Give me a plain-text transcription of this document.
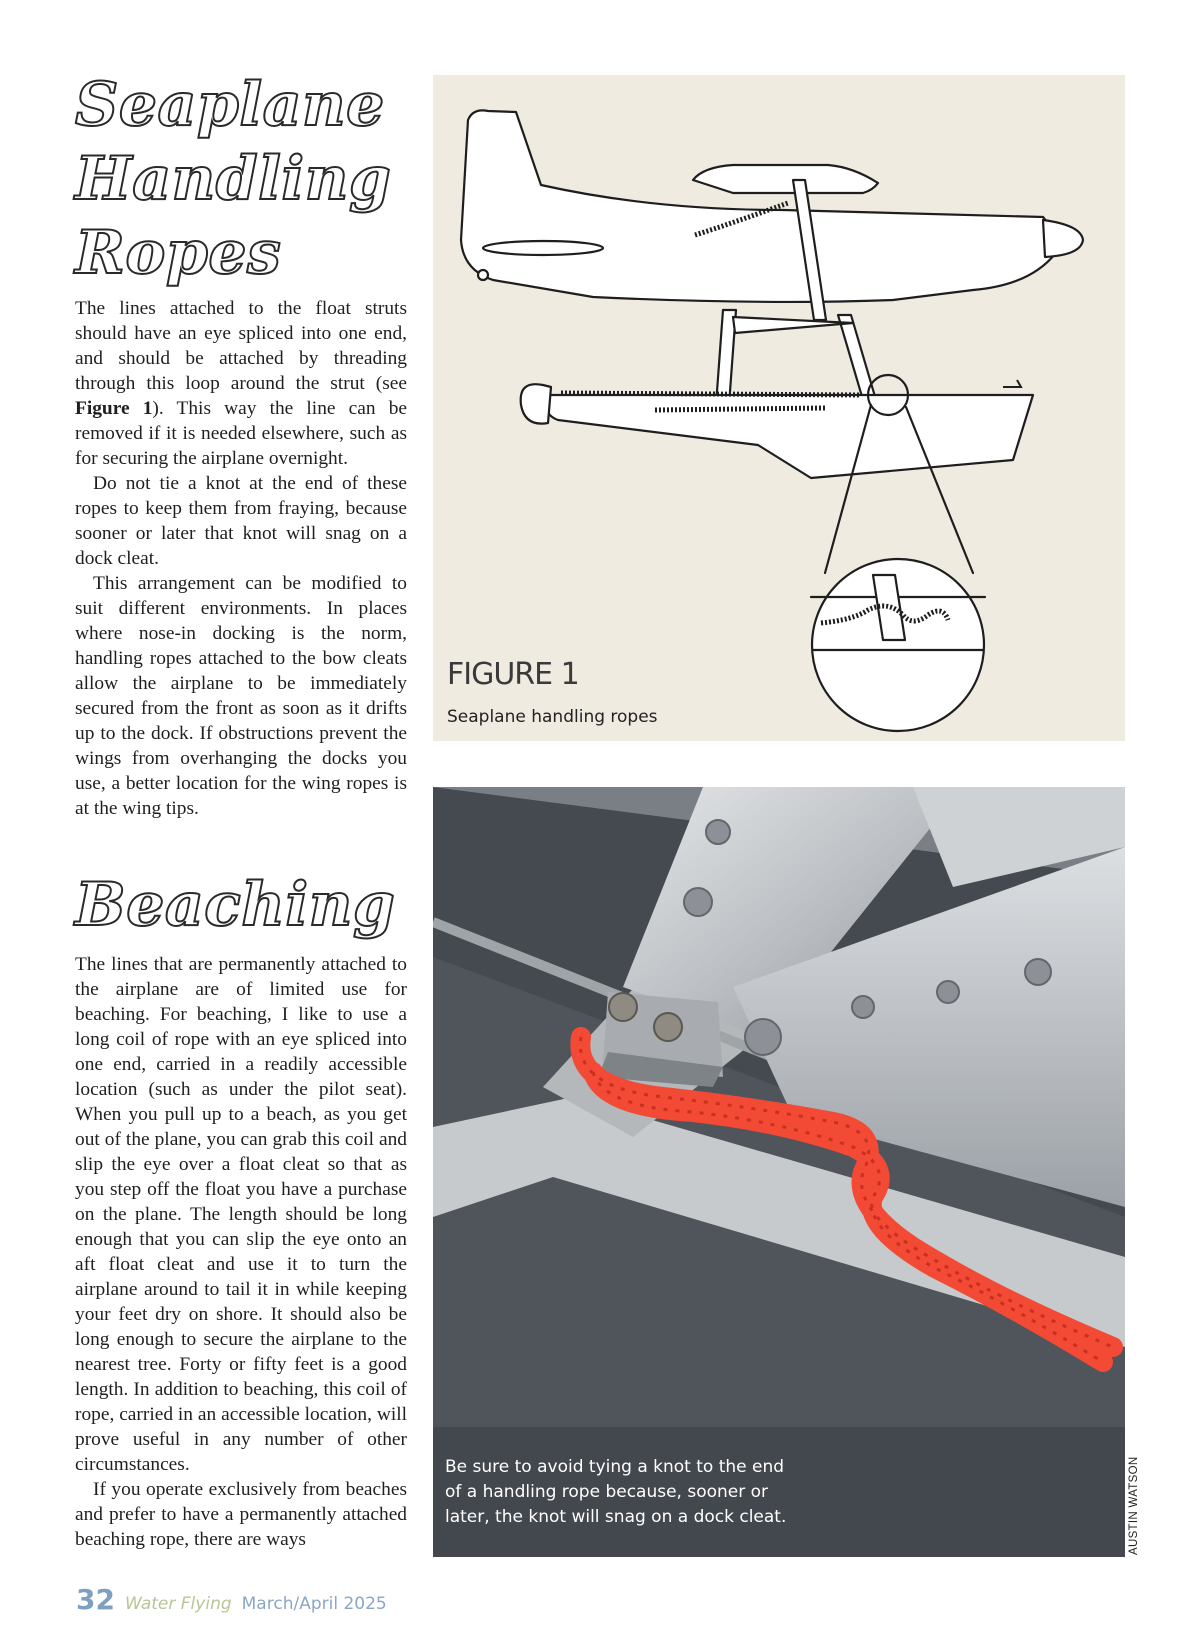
Seaplane
Handling
Ropes

The lines attached to the float struts should have an eye spliced into one end, and should be attached by threading through this loop around the strut (see Figure 1). This way the line can be removed if it is needed elsewhere, such as for securing the airplane overnight.

Do not tie a knot at the end of these ropes to keep them from fraying, because sooner or later that knot will snag on a dock cleat.

This arrangement can be modified to suit different environments. In places where nose-in docking is the norm, handling ropes attached to the bow cleats allow the airplane to be immediately secured from the front as soon as it drifts up to the dock. If obstructions prevent the wings from overhanging the docks you use, a better location for the wing ropes is at the wing tips.

Beaching

The lines that are permanently attached to the airplane are of limited use for beaching. For beaching, I like to use a long coil of rope with an eye spliced into one end, carried in a readily accessible location (such as under the pilot seat). When you pull up to a beach, as you get out of the plane, you can grab this coil and slip the eye over a float cleat so that as you step off the float you have a purchase on the plane. The length should be long enough that you can slip the eye onto an aft float cleat and use it to turn the airplane around to tail it in while keeping your feet dry on shore. It should also be long enough to secure the airplane to the nearest tree. Forty or fifty feet is a good length. In addition to beaching, this coil of rope, carried in an accessible location, will prove useful in any number of other circumstances.

If you operate exclusively from beaches and prefer to have a permanently attached beaching rope, there are ways

FIGURE 1
Seaplane handling ropes
Be sure to avoid tying a knot to the end of a handling rope because, sooner or later, the knot will snag on a dock cleat.	AUSTIN WATSON
32 Water Flying March/April 2025
